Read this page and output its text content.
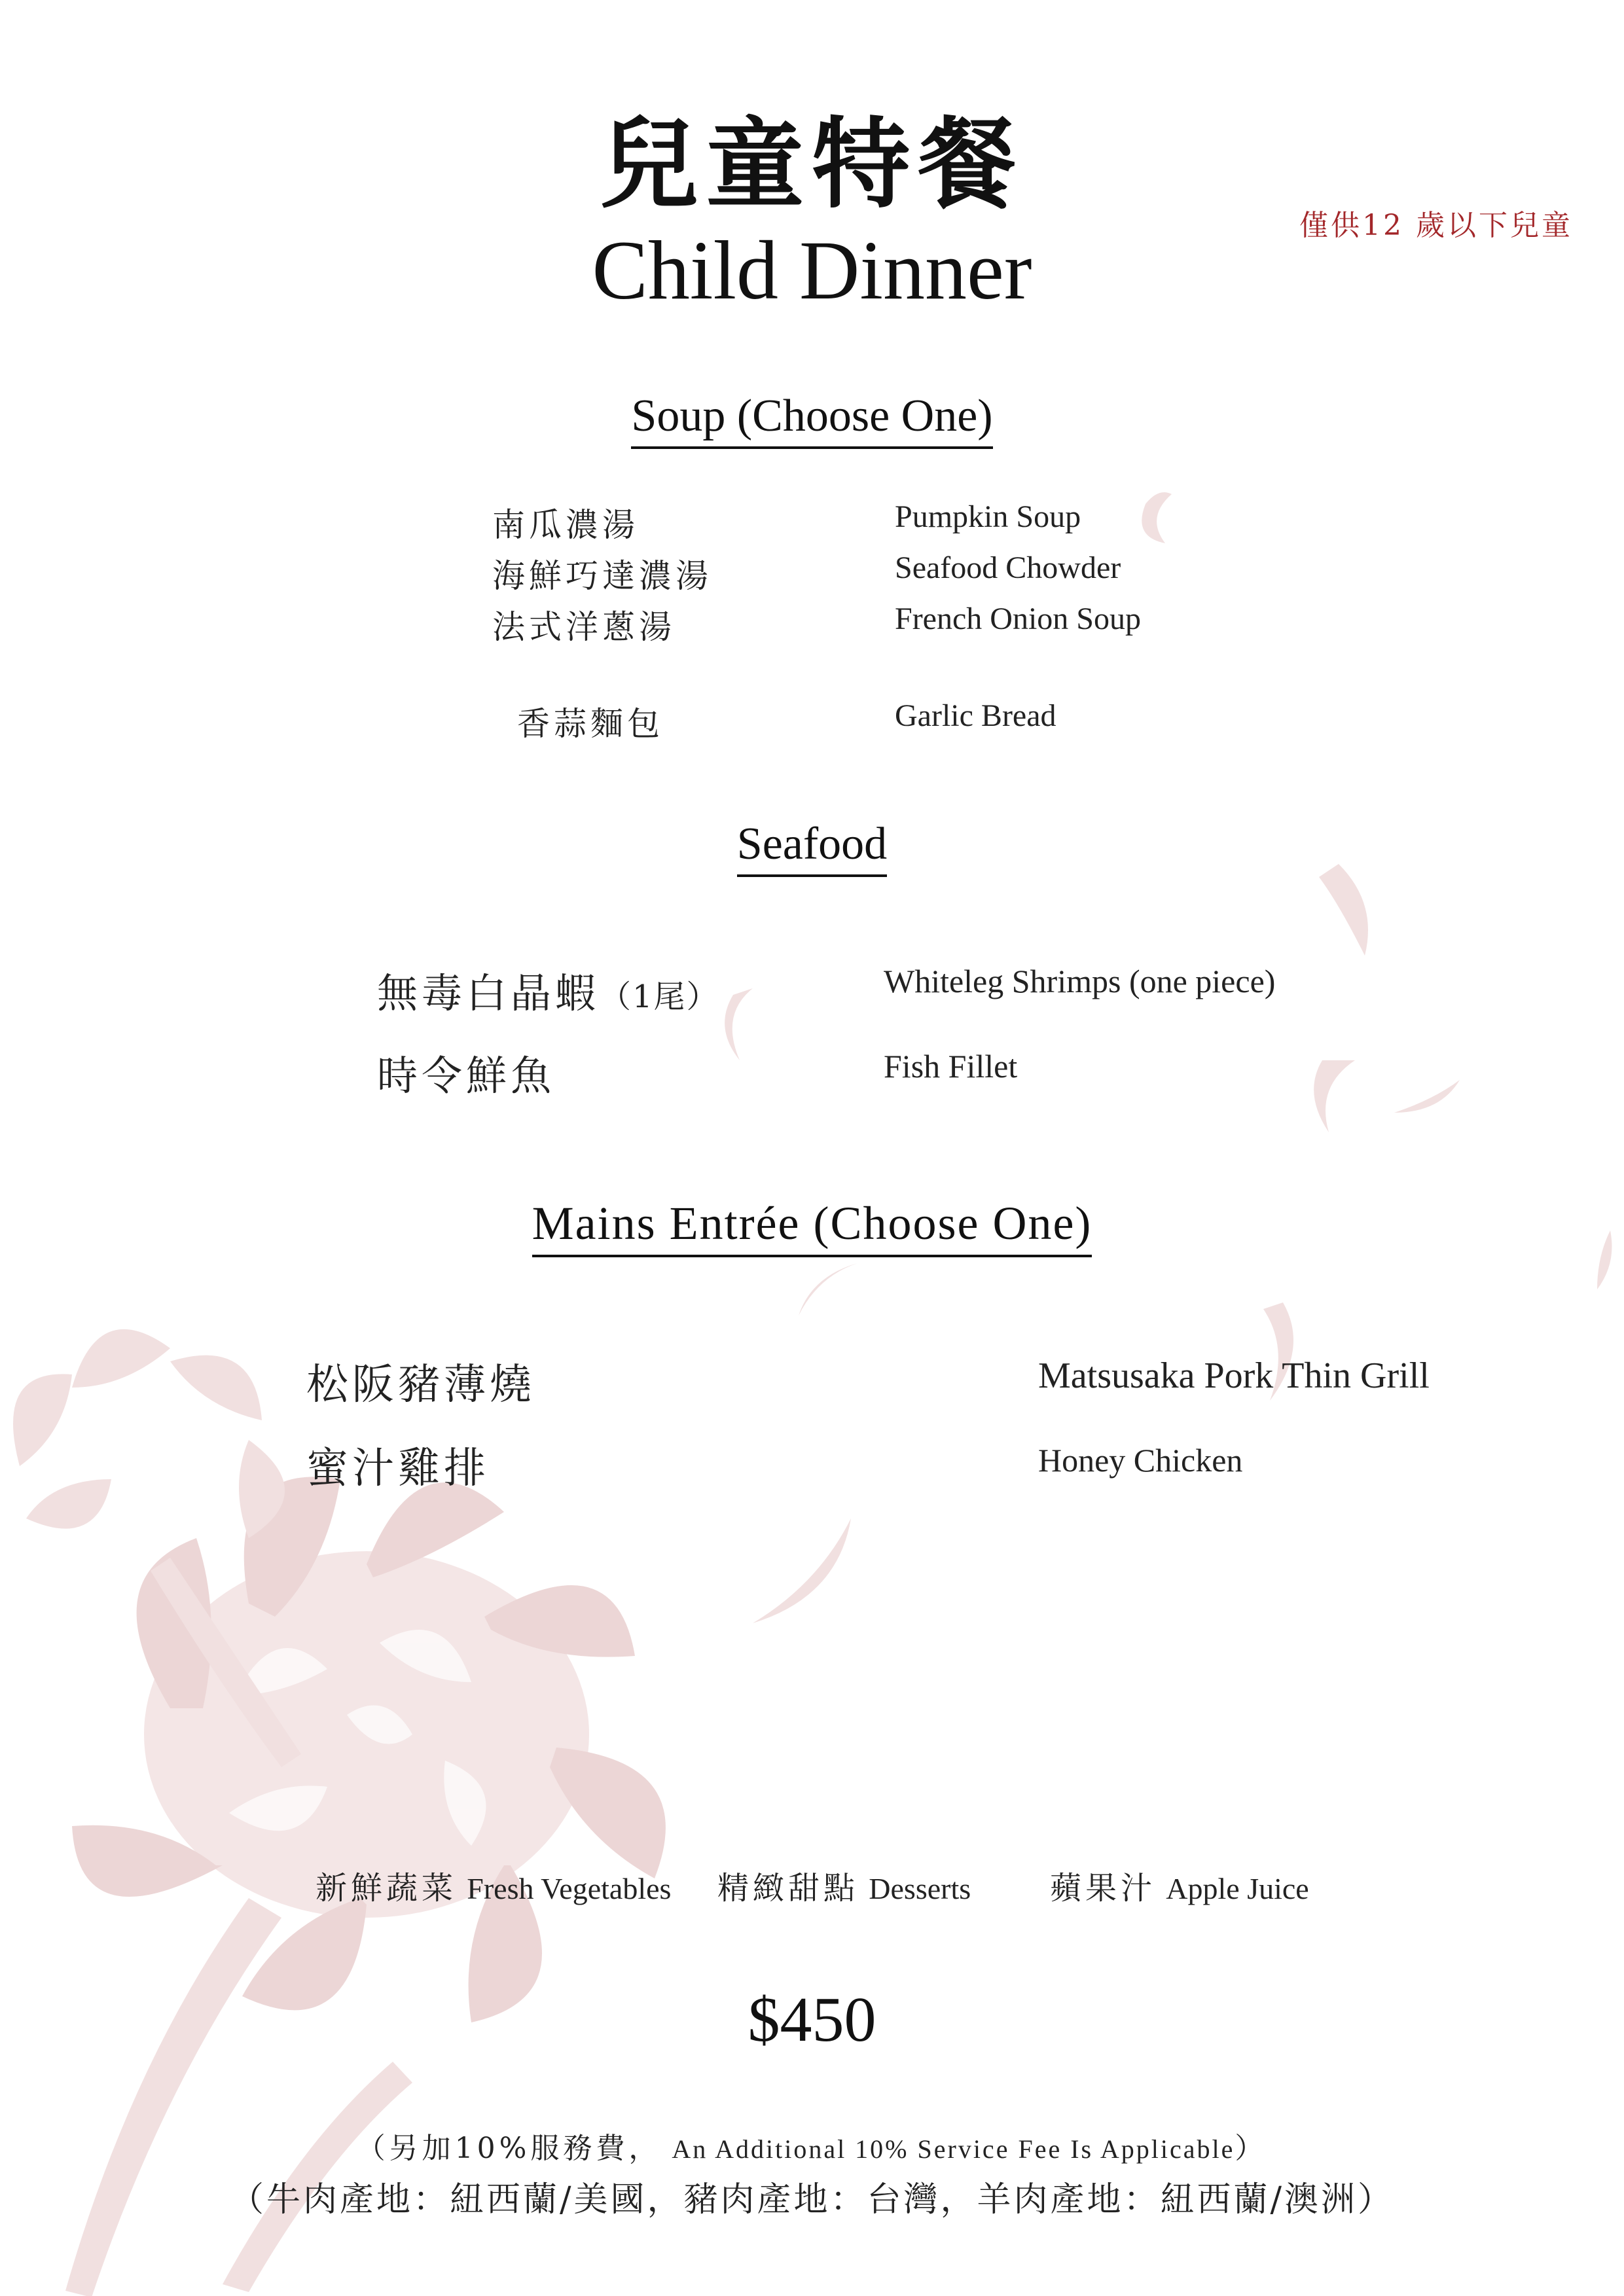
兒童特餐
Child Dinner	僅供12 歲以下兒童
Soup (Choose One)
南瓜濃湯	Pumpkin Soup
海鮮巧達濃湯	Seafood Chowder
法式洋蔥湯	French Onion Soup
香蒜麵包	Garlic Bread
Seafood
無毒白晶蝦（1尾）	Whiteleg Shrimps (one piece)
時令鮮魚	Fish Fillet
Mains Entrée (Choose One)
松阪豬薄燒	Matsusaka Pork Thin Grill
蜜汁雞排	Honey Chicken
新鮮蔬菜 Fresh Vegetables 精緻甜點 Desserts	蘋果汁 Apple Juice
$450
（另加10%服務費， An Additional 10% Service Fee Is Applicable）
（牛肉產地：紐西蘭/美國，豬肉產地：台灣，羊肉產地：紐西蘭/澳洲）
